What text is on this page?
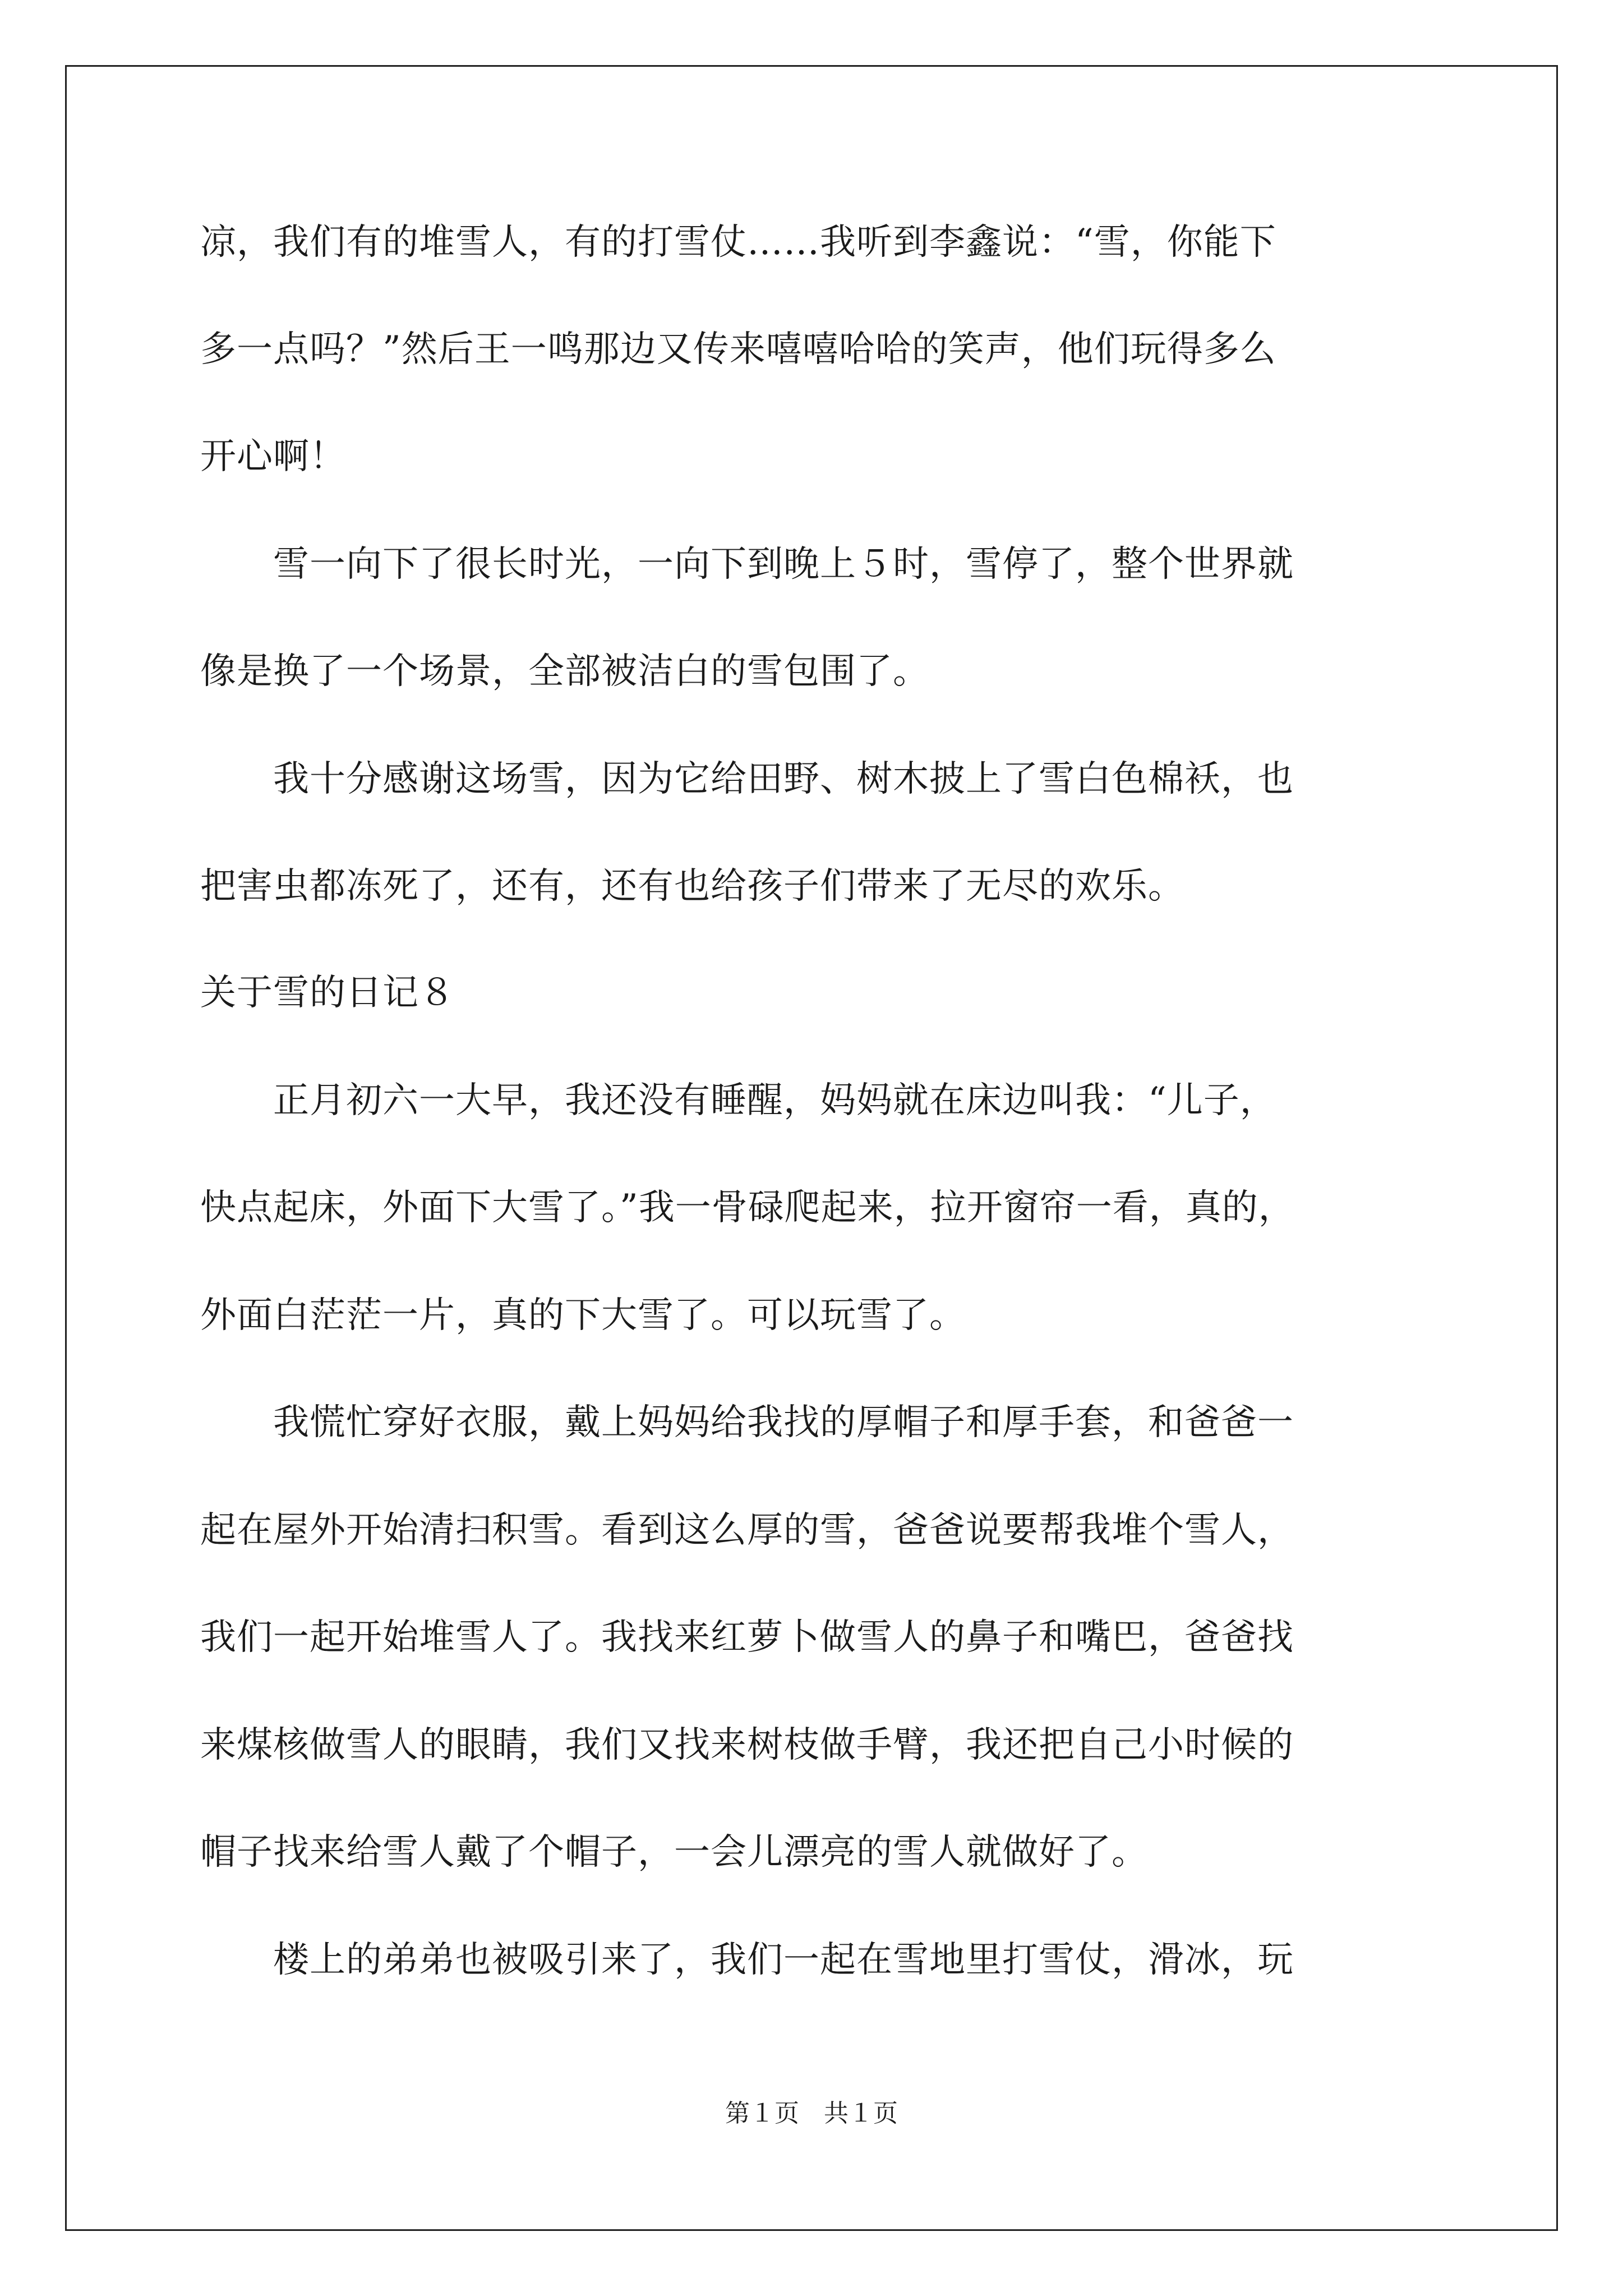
凉，我们有的堆雪人，有的打雪仗……我听到李鑫说：“雪，你能下
多一点吗？”然后王一鸣那边又传来嘻嘻哈哈的笑声，他们玩得多么
开心啊！
　　雪一向下了很长时光，一向下到晚上５时，雪停了，整个世界就
像是换了一个场景，全部被洁白的雪包围了。
　　我十分感谢这场雪，因为它给田野、树木披上了雪白色棉袄，也
把害虫都冻死了，还有，还有也给孩子们带来了无尽的欢乐。
关于雪的日记８
　　正月初六一大早，我还没有睡醒，妈妈就在床边叫我：“儿子，
快点起床，外面下大雪了。”我一骨碌爬起来，拉开窗帘一看，真的，
外面白茫茫一片，真的下大雪了。可以玩雪了。
　　我慌忙穿好衣服，戴上妈妈给我找的厚帽子和厚手套，和爸爸一
起在屋外开始清扫积雪。看到这么厚的雪，爸爸说要帮我堆个雪人，
我们一起开始堆雪人了。我找来红萝卜做雪人的鼻子和嘴巴，爸爸找
来煤核做雪人的眼睛，我们又找来树枝做手臂，我还把自己小时候的
帽子找来给雪人戴了个帽子，一会儿漂亮的雪人就做好了。
　　楼上的弟弟也被吸引来了，我们一起在雪地里打雪仗，滑冰，玩
第１页　共１页
